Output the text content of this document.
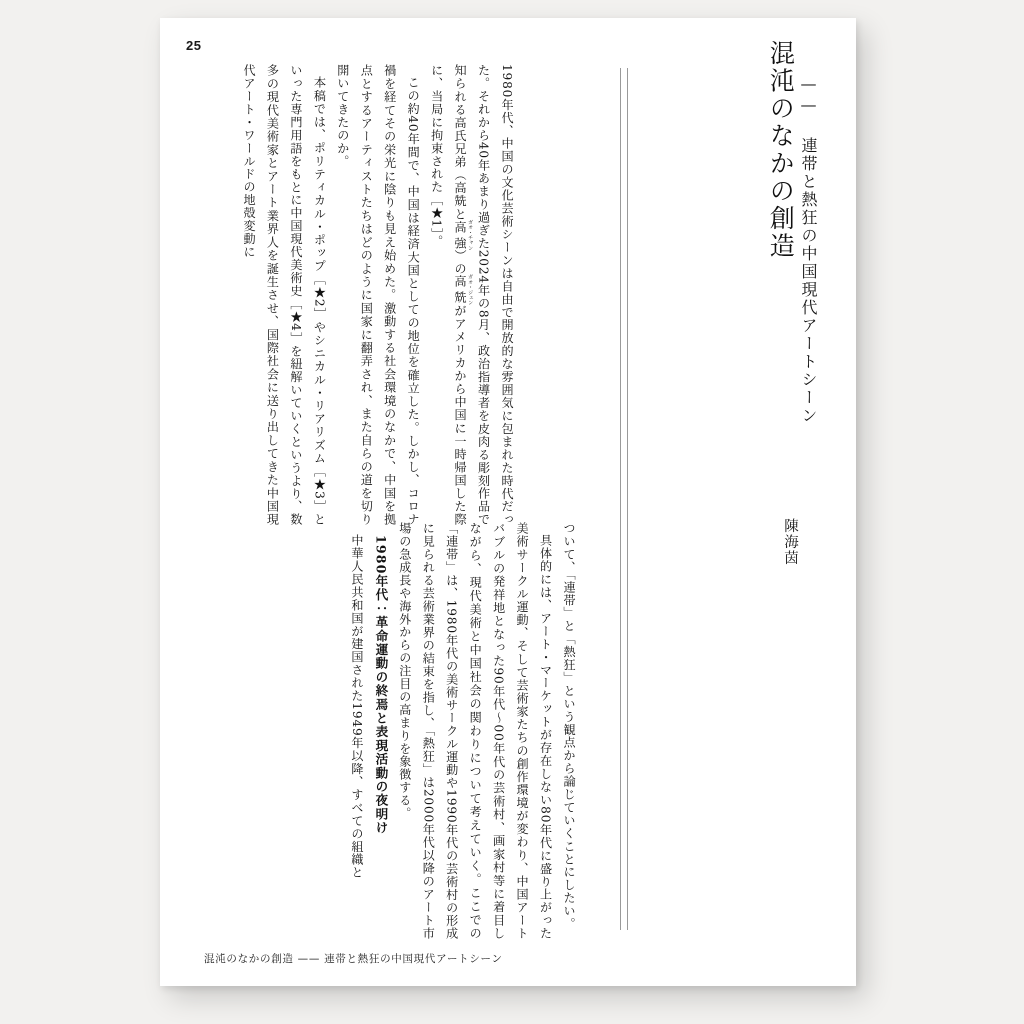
25	混沌のなかの創造 —— 連帯と熱狂の中国現代アートシーン
陳海茵

1980年代、中国の文化芸術シーンは自由で開放的な雰囲気に包まれた時代だった。それから40年あまり過ぎた2024年の8月、政治指導者を皮肉る彫刻作品で知られる高氏兄弟（高兟と高強 ガオ・チャン）の高兟 ガオ・ジェンがアメリカから中国に一時帰国した際に、当局に拘束された［★1］。

この約40年間で、中国は経済大国としての地位を確立した。しかし、コロナ禍を経てその栄光に陰りも見え始めた。激動する社会環境のなかで、中国を拠点とするアーティストたちはどのように国家に翻弄され、また自らの道を切り開いてきたのか。

本稿では、ポリティカル・ポップ［★2］やシニカル・リアリズム［★3］といった専門用語をもとに中国現代美術史［★4］を紐解いていくというより、数多の現代美術家とアート業界人を誕生させ、国際社会に送り出してきた中国現代アート・ワールドの地殻変動に

ついて、「連帯」と「熱狂」という観点から論じていくことにしたい。

具体的には、アート・マーケットが存在しない80年代に盛り上がった美術サークル運動、そして芸術家たちの創作環境が変わり、中国アートバブルの発祥地となった90年代〜00年代の芸術村、画家村等に着目しながら、現代美術と中国社会の関わりについて考えていく。ここでの「連帯」は、1980年代の美術サークル運動や1990年代の芸術村の形成に見られる芸術業界の結束を指し、「熱狂」は2000年代以降のアート市場の急成長や海外からの注目の高まりを象徴する。

1980年代：革命運動の終焉と表現活動の夜明け

中華人民共和国が建国された1949年以降、すべての組織と

混沌のなかの創造 —— 連帯と熱狂の中国現代アートシーン
